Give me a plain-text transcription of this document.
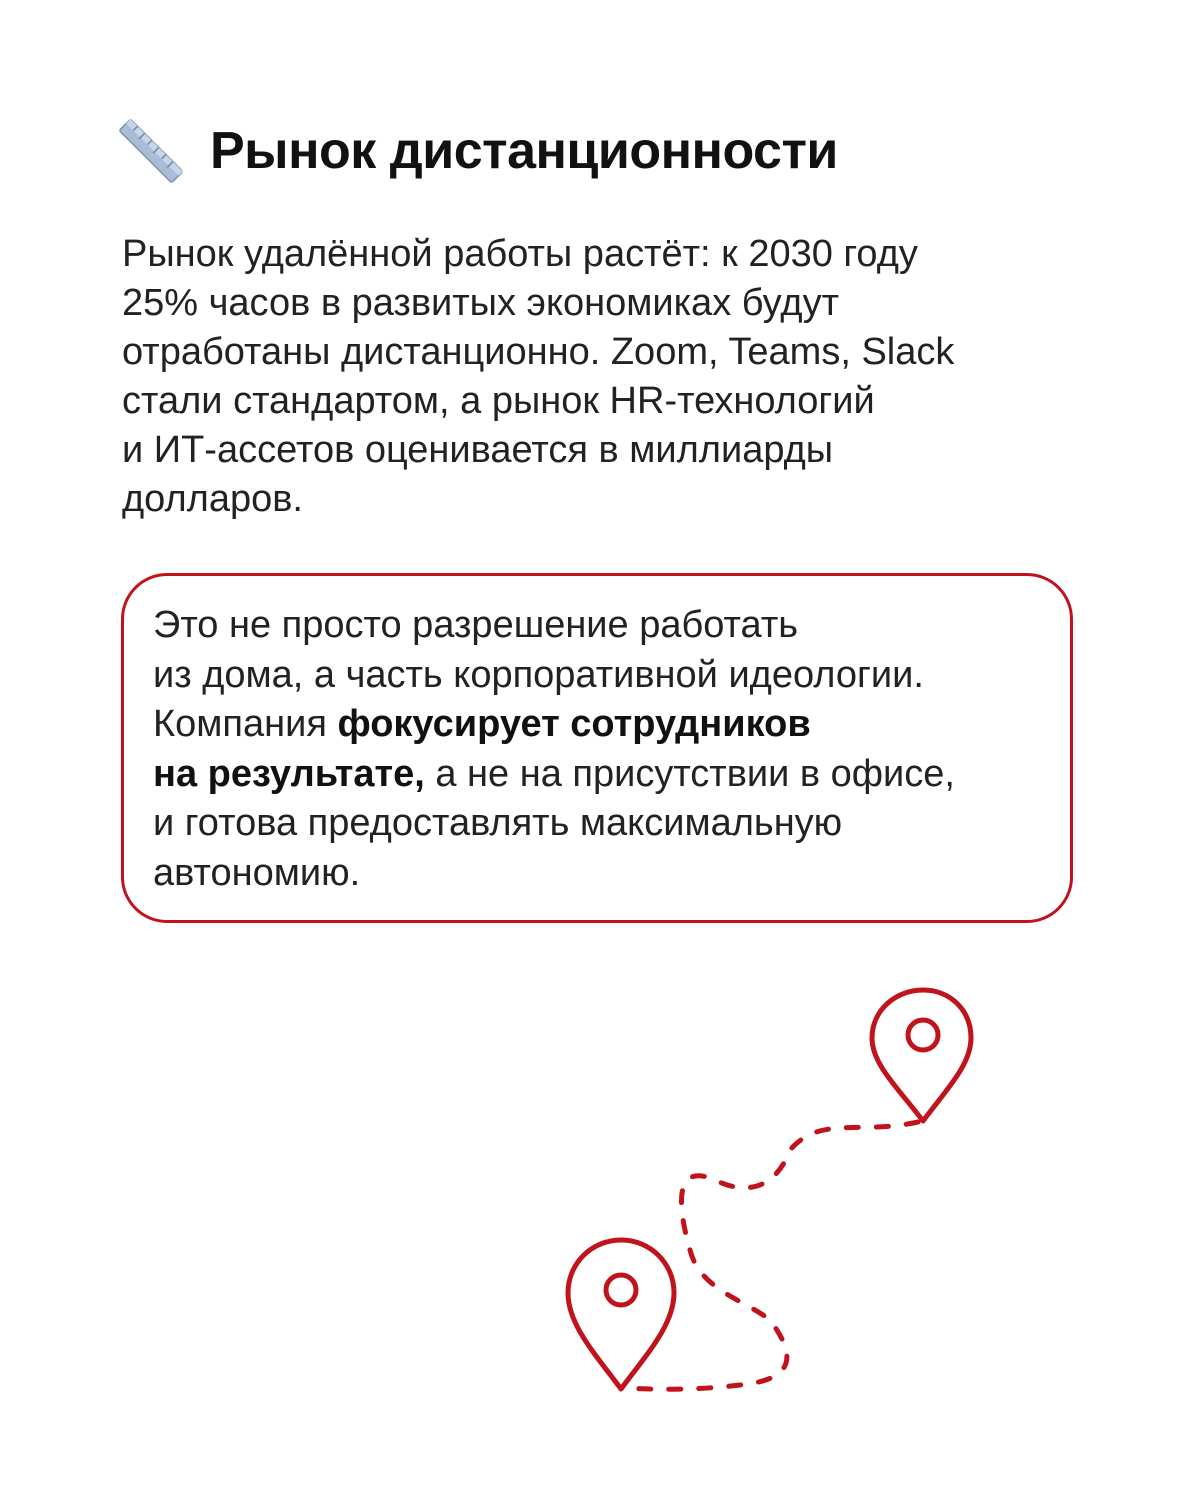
Рынок дистанционности
Рынок удалённой работы растёт: к 2030 году
25% часов в развитых экономиках будут
отработаны дистанционно. Zoom, Teams, Slack
стали стандартом, а рынок HR-технологий
и ИТ-ассетов оценивается в миллиарды
долларов.
Это не просто разрешение работать
из дома, а часть корпоративной идеологии.
Компания фокусирует сотрудников
на результате, а не на присутствии в офисе,
и готова предоставлять максимальную
автономию.
